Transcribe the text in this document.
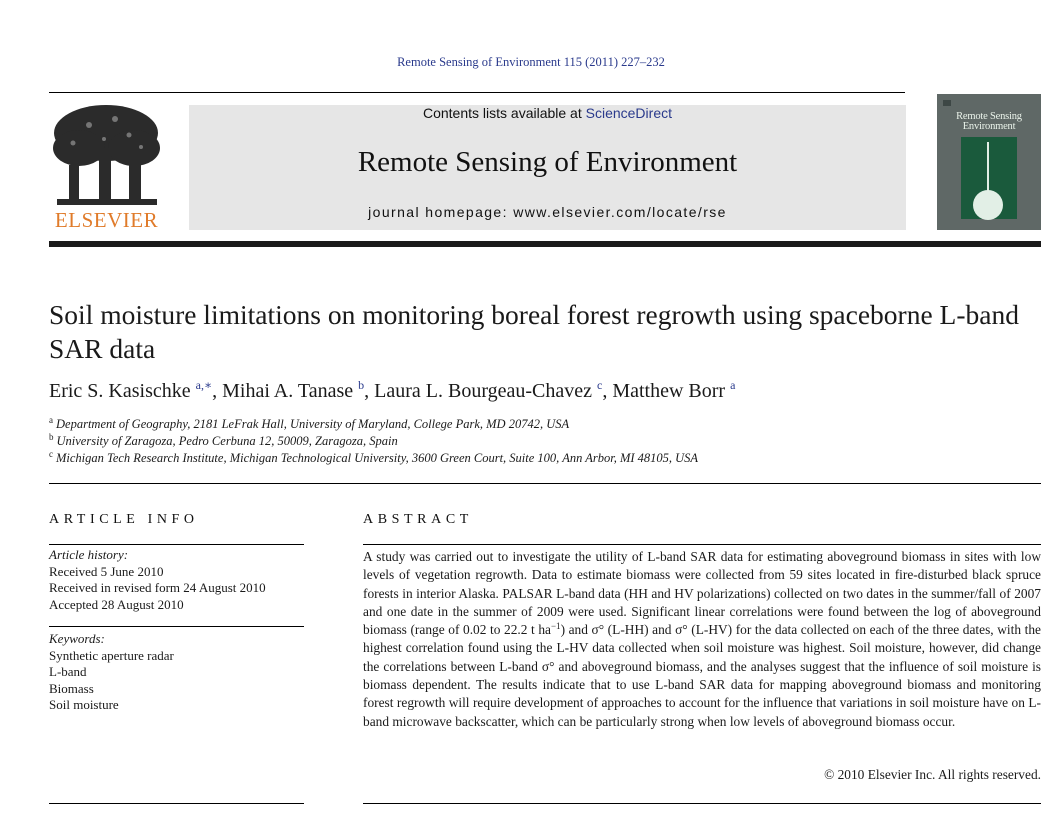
Remote Sensing of Environment 115 (2011) 227–232
ELSEVIER
Contents lists available at ScienceDirect
Remote Sensing of Environment
journal homepage: www.elsevier.com/locate/rse
Remote Sensing
Environment
Soil moisture limitations on monitoring boreal forest regrowth using spaceborne L-band SAR data
Eric S. Kasischke $^{a,∗}$, Mihai A. Tanase $^b$, Laura L. Bourgeau-Chavez $^c$, Matthew Borr $^a$
$^a$ Department of Geography, 2181 LeFrak Hall, University of Maryland, College Park, MD 20742, USA
$^b$ University of Zaragoza, Pedro Cerbuna 12, 50009, Zaragoza, Spain
$^c$ Michigan Tech Research Institute, Michigan Technological University, 3600 Green Court, Suite 100, Ann Arbor, MI 48105, USA
ARTICLE INFO
Article history:
Received 5 June 2010
Received in revised form 24 August 2010
Accepted 28 August 2010
Keywords:
Synthetic aperture radar
L-band
Biomass
Soil moisture
ABSTRACT
A study was carried out to investigate the utility of L-band SAR data for estimating aboveground biomass in sites with low levels of vegetation regrowth. Data to estimate biomass were collected from 59 sites located in fire-disturbed black spruce forests in interior Alaska. PALSAR L-band data (HH and HV polarizations) collected on two dates in the summer/fall of 2007 and one date in the summer of 2009 were used. Significant linear correlations were found between the log of aboveground biomass (range of 0.02 to 22.2 t $ha^{-1}$) and σ° (L-HH) and σ° (L-HV) for the data collected on each of the three dates, with the highest correlation found using the L-HV data collected when soil moisture was highest. Soil moisture, however, did change the correlations between L-band σ° and aboveground biomass, and the analyses suggest that the influence of soil moisture is biomass dependent. The results indicate that to use L-band SAR data for mapping aboveground biomass and monitoring forest regrowth will require development of approaches to account for the influence that variations in soil moisture have on L-band microwave backscatter, which can be particularly strong when low levels of aboveground biomass occur.
© 2010 Elsevier Inc. All rights reserved.
